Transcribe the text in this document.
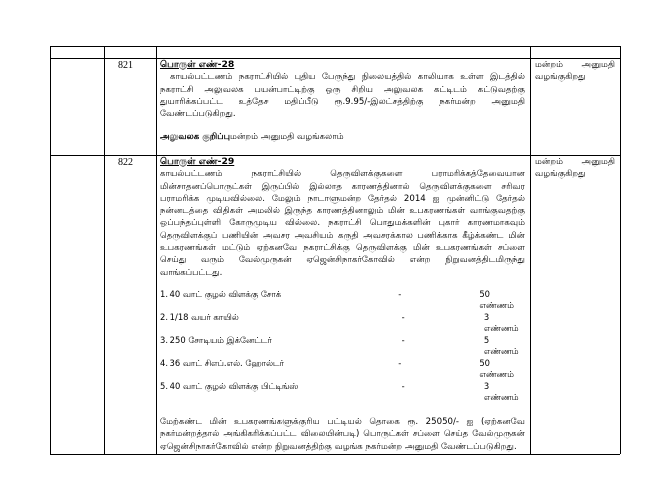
821	பொருள் எண்-28
காயல்பட்டணம் நகராட்சியில் புதிய பேருந்து நிலையத்தில் காலியாக உள்ள இடத்தில் நகராட்சி அலுவலக பயன்பாட்டிற்கு ஒரு சிறிய அலுவலக கட்டிடம் கட்டுவதற்கு துயாரிக்கப்பட்ட உத்தேச மதிப்பீடு ரூ.9.95/-இலட்சத்திற்கு நகர்மன்ற அனுமதி வேண்டப்படுகிறது.
அலுவலக குறிப்புமன்றம் அனுமதி வழங்கலாம்
மன்றம் அனுமதி
வழங்குகிறது
822	பொருள் எண்-29
காயல்பட்டணம் நகராட்சியில் தெருவிளக்குகளை பராமரிக்கத்தேவையான மின்சாதனப்பொருட்கள் இருப்பில் இல்லாத காரணத்தினால் தெருவிளக்குகளை சரிவர பராமரிக்க முடியவில்லை. மேலும் நாடாளுமன்ற தேர்தல் 2014 ஐ முன்னிட்டு தேர்தல் நன்னடத்தை விதிகள் அமலில் இருந்த காரணத்தினாலும் மின் உபகரணங்கள் வாங்குவதற்கு ஒப்பந்தப்புள்ளி கோருமுடிய வில்லை. நகராட்சி பொதுமக்களின் புகார் காரணமாகவும் தெருவிளக்குப் பணியின் அவசர அவசியம் கருதி அவசரக்கால பணிக்காக கீழ்க்கண்ட மின் உபகரணங்கள் மட்டும் ஏற்கனவே நகராட்சிக்கு தெருவிளக்கு மின் உபகரணங்கள் சப்ளை செய்து வரும் வேல்முருகன் ஏஜென்சிநாகர்கோவில் என்ற நிறுவனத்திடமிருந்து வாங்கப்பட்டது.
1. 40 வாட் குழல் விளக்கு சோக்	-	50 எண்ணம்
2. 1/18 வயர் காயில்	-	3 எண்ணம்
3. 250 சோடியம் இக்னேட்டர்	-	5 எண்ணம்
4. 36 வாட் சிஎப்.எல். ஹோல்டர்	-	50 எண்ணம்
5. 40 வாட் குழல் விளக்கு பிட்டிங்ஸ்	-	3 எண்ணம்
மேற்கண்ட மின் உபகரணங்களுக்குரிய பட்டியல் தொகை ரூ. 25050/- ஐ (ஏற்கனவே நகர்மன்றத்தால் அங்கிகரிக்கப்பட்ட விலையின்படி) பொருட்கள் சப்ளை செய்த வேல்முருகன் ஏஜென்சிநாகர்கோவில் என்ற நிறுவனத்திற்கு வழங்க நகர்மன்ற அனுமதி வேண்டப்படுகிறது.
மன்றம் அனுமதி
வழங்குகிறது
